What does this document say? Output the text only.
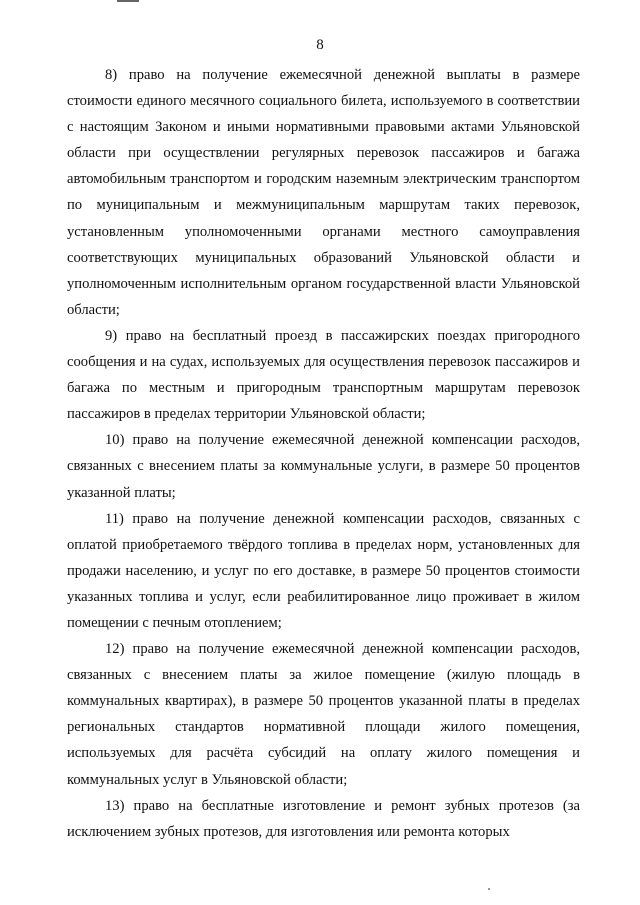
8

8) право на получение ежемесячной денежной выплаты в размере стоимости единого месячного социального билета, используемого в соответствии с настоящим Законом и иными нормативными правовыми актами Ульяновской области при осуществлении регулярных перевозок пассажиров и багажа автомобильным транспортом и городским наземным электрическим транспортом по муниципальным и межмуниципальным маршрутам таких перевозок, установленным уполномоченными органами местного самоуправления соответствующих муниципальных образований Ульяновской области и уполномоченным исполнительным органом государственной власти Ульяновской области;

9) право на бесплатный проезд в пассажирских поездах пригородного сообщения и на судах, используемых для осуществления перевозок пассажиров и багажа по местным и пригородным транспортным маршрутам перевозок пассажиров в пределах территории Ульяновской области;

10) право на получение ежемесячной денежной компенсации расходов, связанных с внесением платы за коммунальные услуги, в размере 50 процентов указанной платы;

11) право на получение денежной компенсации расходов, связанных с оплатой приобретаемого твёрдого топлива в пределах норм, установленных для продажи населению, и услуг по его доставке, в размере 50 процентов стоимости указанных топлива и услуг, если реабилитированное лицо проживает в жилом помещении с печным отоплением;

12) право на получение ежемесячной денежной компенсации расходов, связанных с внесением платы за жилое помещение (жилую площадь в коммунальных квартирах), в размере 50 процентов указанной платы в пределах региональных стандартов нормативной площади жилого помещения, используемых для расчёта субсидий на оплату жилого помещения и коммунальных услуг в Ульяновской области;

13) право на бесплатные изготовление и ремонт зубных протезов (за исключением зубных протезов, для изготовления или ремонта которых
